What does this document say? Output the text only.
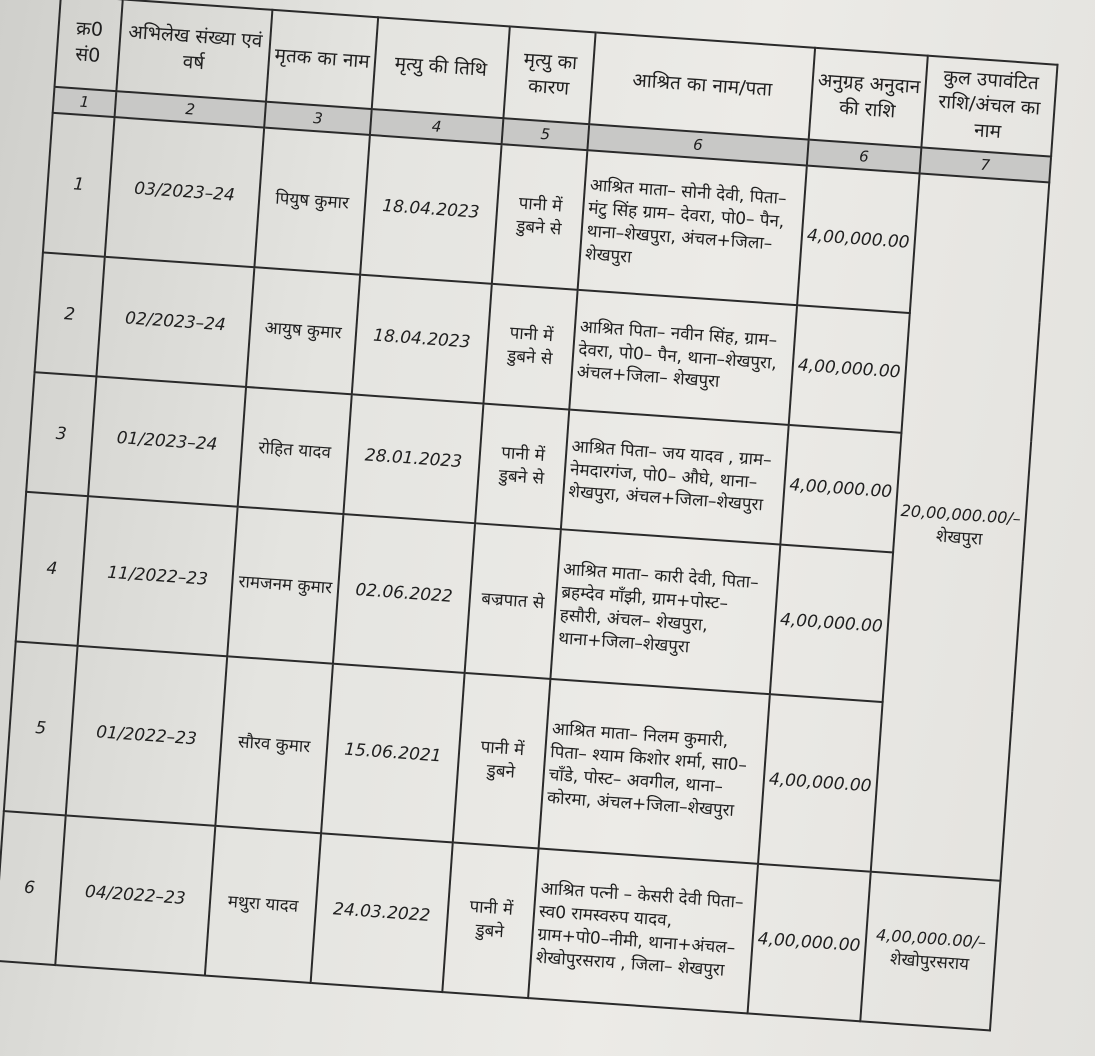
क्र0 सं0	अभिलेख संख्या एवं वर्ष	मृतक का नाम	मृत्यु की तिथि	मृत्यु का कारण	आश्रित का नाम/पता	अनुग्रह अनुदान की राशि	कुल उपावंटित राशि/अंचल का नाम
1	2	3	4	5	6	6	7
1	03/2023–24	पियुष कुमार	18.04.2023	पानी में डुबने से	आश्रित माता– सोनी देवी, पिता– मंटु सिंह ग्राम– देवरा, पो0– पैन, थाना–शेखपुरा, अंचल+जिला– शेखपुरा	4,00,000.00	20,00,000.00/–
शेखपुरा
2	02/2023–24	आयुष कुमार	18.04.2023	पानी में डुबने से	आश्रित पिता– नवीन सिंह, ग्राम– देवरा, पो0– पैन, थाना–शेखपुरा, अंचल+जिला– शेखपुरा	4,00,000.00	
3	01/2023–24	रोहित यादव	28.01.2023	पानी में डुबने से	आश्रित पिता– जय यादव , ग्राम–नेमदारगंज, पो0– औघे, थाना–शेखपुरा, अंचल+जिला–शेखपुरा	4,00,000.00	
4	11/2022–23	रामजनम कुमार	02.06.2022	बज्रपात से	आश्रित माता– कारी देवी, पिता– ब्रहम्देव माँझी, ग्राम+पोस्ट– हसौरी, अंचल– शेखपुरा, थाना+जिला–शेखपुरा	4,00,000.00	
5	01/2022–23	सौरव कुमार	15.06.2021	पानी में डुबने	आश्रित माता– निलम कुमारी, पिता– श्याम किशोर शर्मा, सा0– चाँडे, पोस्ट– अवगील, थाना– कोरमा, अंचल+जिला–शेखपुरा	4,00,000.00	
6	04/2022–23	मथुरा यादव	24.03.2022	पानी में डुबने	आश्रित पत्नी – केसरी देवी पिता–स्व0 रामस्वरुप यादव, ग्राम+पो0–नीमी, थाना+अंचल–शेखोपुरसराय , जिला– शेखपुरा	4,00,000.00	4,00,000.00/–
शेखोपुरसराय
